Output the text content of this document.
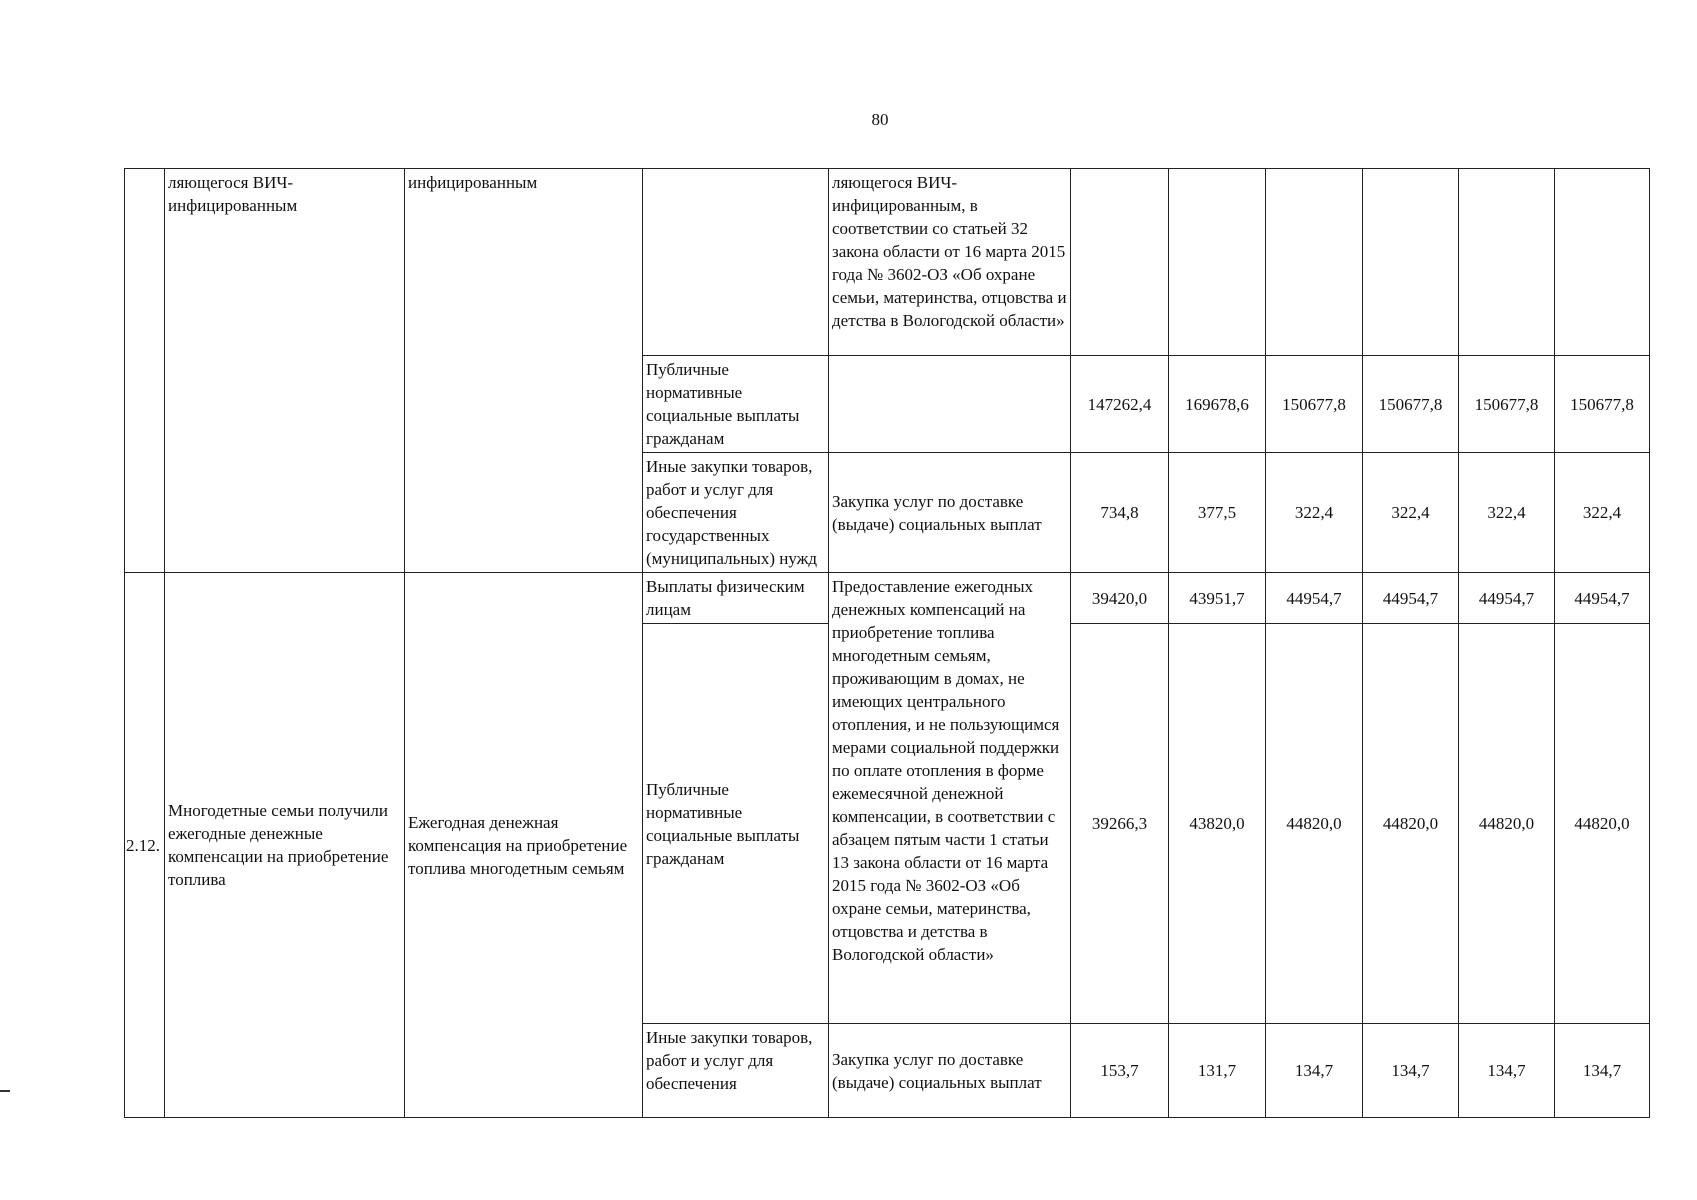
80
	ляющегося ВИЧ-инфицированным	инфицированным		ляющегося ВИЧ-инфицированным, в соответствии со статьей 32 закона области от 16 марта 2015 года № 3602-ОЗ «Об охране семьи, материнства, отцовства и детства в Вологодской области»						
			Публичные нормативные социальные выплаты гражданам		147262,4	169678,6	150677,8	150677,8	150677,8	150677,8
			Иные закупки товаров, работ и услуг для обеспечения государственных (муниципальных) нужд	Закупка услуг по доставке (выдаче) социальных выплат	734,8	377,5	322,4	322,4	322,4	322,4
2.12.	Многодетные семьи получили ежегодные денежные компенсации на приобретение топлива	Ежегодная денежная компенсация на приобретение топлива многодетным семьям	Выплаты физическим лицам	Предоставление ежегодных денежных компенсаций на приобретение топлива многодетным семьям, проживающим в домах, не имеющих центрального отопления, и не пользующимся мерами социальной поддержки по оплате отопления в форме ежемесячной денежной компенсации, в соответствии с абзацем пятым части 1 статьи 13 закона области от 16 марта 2015 года № 3602-ОЗ «Об охране семьи, материнства, отцовства и детства в Вологодской области»	39420,0	43951,7	44954,7	44954,7	44954,7	44954,7
			Публичные нормативные социальные выплаты гражданам		39266,3	43820,0	44820,0	44820,0	44820,0	44820,0
			Иные закупки товаров, работ и услуг для обеспечения	Закупка услуг по доставке (выдаче) социальных выплат	153,7	131,7	134,7	134,7	134,7	134,7
